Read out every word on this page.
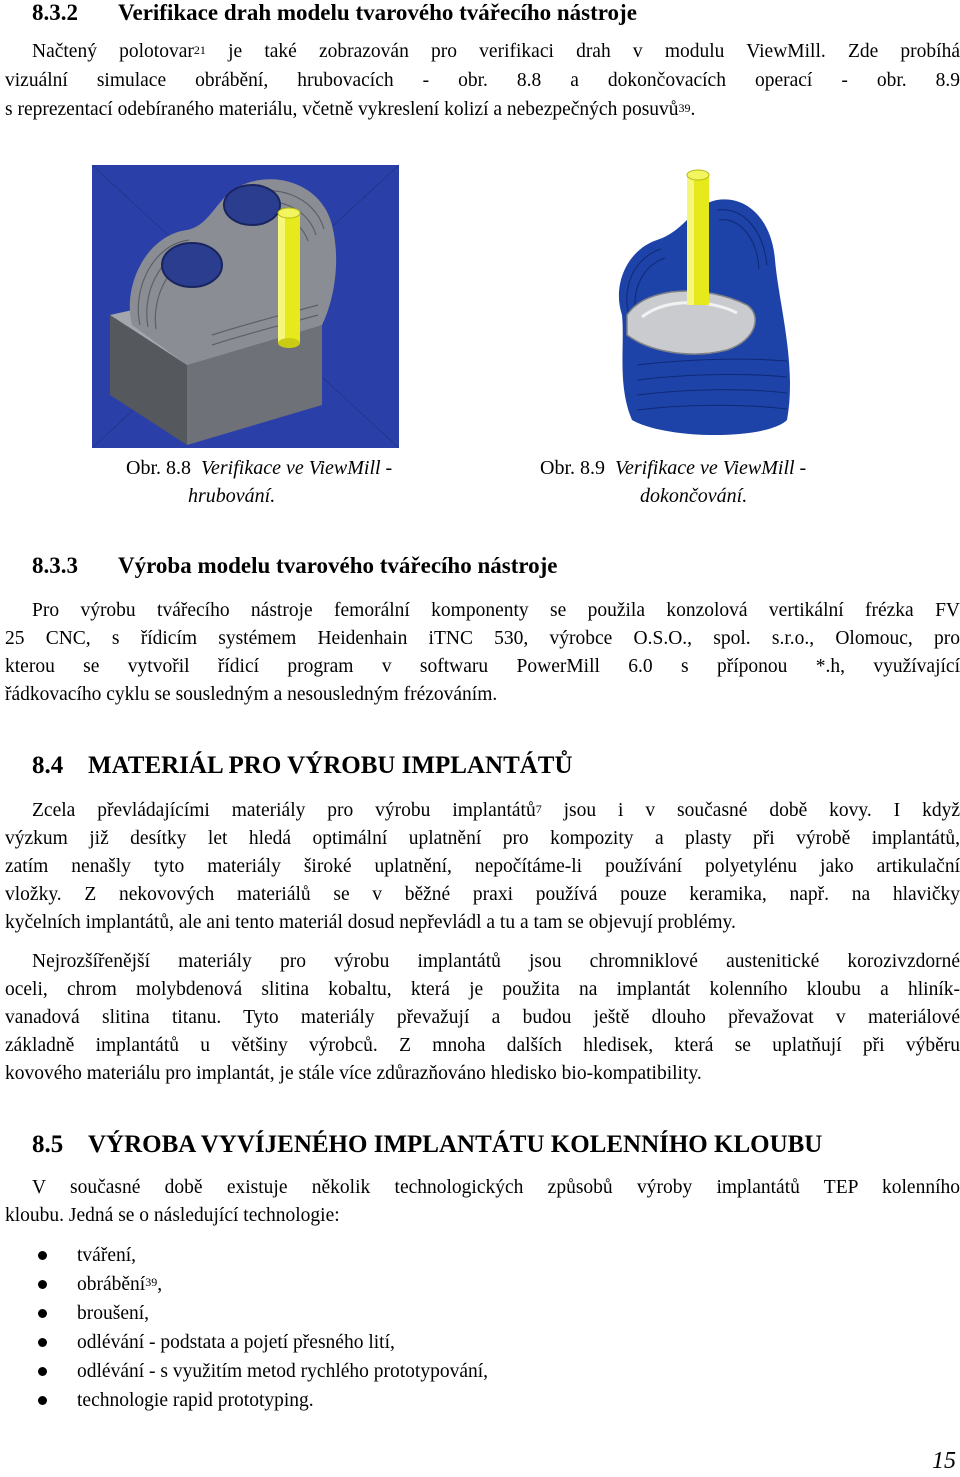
8.3.2 Verifikace drah modelu tvarového tvářecího nástroje
Načtený polotovar$^{21}$ je také zobrazován pro verifikaci drah v modulu ViewMill. Zde probíhá
vizuální simulace obrábění, hrubovacích - obr. 8.8 a dokončovacích operací - obr. 8.9
s reprezentací odebíraného materiálu, včetně vykreslení kolizí a nebezpečných posuvů$^{39}$.
Obr. 8.8 Verifikace ve ViewMill -
hrubování.
Obr. 8.9 Verifikace ve ViewMill -
dokončování.
8.3.3 Výroba modelu tvarového tvářecího nástroje
Pro výrobu tvářecího nástroje femorální komponenty se použila konzolová vertikální frézka FV
25 CNC, s řídicím systémem Heidenhain iTNC 530, výrobce O.S.O., spol. s.r.o., Olomouc, pro
kterou se vytvořil řídicí program v softwaru PowerMill 6.0 s příponou *.h, využívající
řádkovacího cyklu se sousledným a nesousledným frézováním.
8.4 MATERIÁL PRO VÝROBU IMPLANTÁTŮ
Zcela převládajícími materiály pro výrobu implantátů$^7$ jsou i v současné době kovy. I když
výzkum již desítky let hledá optimální uplatnění pro kompozity a plasty při výrobě implantátů,
zatím nenašly tyto materiály široké uplatnění, nepočítáme-li používání polyetylénu jako artikulační
vložky. Z nekovových materiálů se v běžné praxi používá pouze keramika, např. na hlavičky
kyčelních implantátů, ale ani tento materiál dosud nepřevládl a tu a tam se objevují problémy.
Nejrozšířenější materiály pro výrobu implantátů jsou chromniklové austenitické korozivzdorné
oceli, chrom molybdenová slitina kobaltu, která je použita na implantát kolenního kloubu a hliník-
vanadová slitina titanu. Tyto materiály převažují a budou ještě dlouho převažovat v materiálové
základně implantátů u většiny výrobců. Z mnoha dalších hledisek, která se uplatňují při výběru
kovového materiálu pro implantát, je stále více zdůrazňováno hledisko bio-kompatibility.
8.5 VÝROBA VYVÍJENÉHO IMPLANTÁTU KOLENNÍHO KLOUBU
V současné době existuje několik technologických způsobů výroby implantátů TEP kolenního
kloubu. Jedná se o následující technologie:
tváření,
obrábění$^{39}$,
broušení,
odlévání - podstata a pojetí přesného lití,
odlévání - s využitím metod rychlého prototypování,
technologie rapid prototyping.
15
